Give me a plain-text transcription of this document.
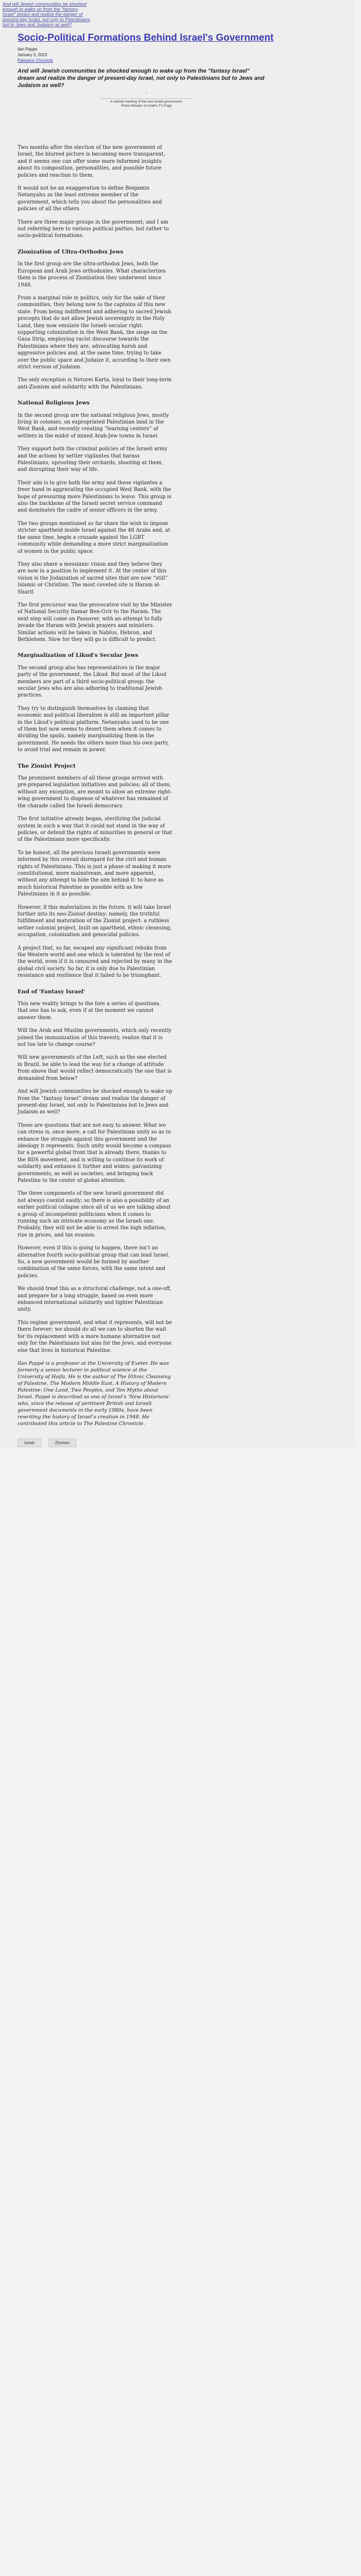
And will Jewish communities be shocked enough to wake up from the "fantasy Israel" dream and realize the danger of present-day Israel, not only to Palestinians but to Jews and Judaism as well?
Socio-Political Formations Behind Israel's Government
Ilan Pappe
January 3, 2023
Palestine Chronicle
And will Jewish communities be shocked enough to wake up from the "fantasy Israel" dream and realize the danger of present-day Israel, not only to Palestinians but to Jews and Judaism as well?
“
A cabinet meeting of the new Israeli government.
Prime Minister of Israel's TV Page

Two months after the election of the new government of Israel, the blurred picture is becoming more transparent, and it seems one can offer some more informed insights about its composition, personalities, and possible future policies and reaction to them.

It would not be an exaggeration to define Benjamin Netanyahu as the least extreme member of the government, which tells you about the personalities and policies of all the others.

There are three major groups in the government; and I am not referring here to various political parties, but rather to socio-political formations.

Zionization of Ultra-Orthodox Jews

In the first group are the ultra-orthodox Jews, both the European and Arab Jews orthodoxies. What characterizes them is the process of Zionization they underwent since 1948.

From a marginal role in politics, only for the sake of their communities, they belong now to the captains of this new state. From being indifferent and adhering to sacred Jewish precepts that do not allow Jewish sovereignty in the Holy Land, they now emulate the Israeli secular right: supporting colonization in the West Bank, the siege on the Gaza Strip, employing racist discourse towards the Palestinians where they are, advocating harsh and aggressive policies and, at the same time, trying to take over the public space and Judaize it, according to their own strict version of Judaism.

The only exception is Neturei Karta, loyal to their long-term anti-Zionism and solidarity with the Palestinians.

National Religious Jews

In the second group are the national religious Jews, mostly living in colonies, on expropriated Palestinian land in the West Bank, and recently creating “learning centers” of settlers in the midst of mixed Arab-Jew towns in Israel.

They support both the criminal policies of the Israeli army and the actions by settler vigilantes that harass Palestinians, uprooting their orchards, shooting at them, and disrupting their way of life.

Their aim is to give both the army and these vigilantes a freer hand in aggravating the occupied West Bank, with the hope of pressuring more Palestinians to leave. This group is also the backbone of the Israeli secret service command and dominates the cadre of senior officers in the army.

The two groups mentioned so far share the wish to impose stricter apartheid inside Israel against the 48 Arabs and, at the same time, begin a crusade against the LGBT community while demanding a more strict marginalization of women in the public space.

They also share a messianic vision and they believe they are now in a position to implement it. At the center of this vision is the Judaization of sacred sites that are now “still” Islamic or Christian. The most coveted site is Haram al-Sharif.

The first precursor was the provocative visit by the Minister of National Security Itamar Ben-Gvir to the Haram. The next step will come on Passover, with an attempt to fully invade the Haram with Jewish prayers and ministers. Similar actions will be taken in Nablus, Hebron, and Bethlehem. Slow for they will go is difficult to predict.

Marginalization of Likud's Secular Jews

The second group also has representatives in the major party of the government, the Likud. But most of the Likud members are part of a third socio-political group: the secular Jews who are also adhering to traditional Jewish practices.

They try to distinguish themselves by claiming that economic and political liberalism is still an important pillar in the Likud’s political platform. Netanyahu used to be one of them but now seems to desert them when it comes to dividing the spoils, namely marginalizing them in the government. He needs the others more than his own party, to avoid trial and remain in power.

The Zionist Project

The prominent members of all these groups arrived with pre-prepared legislation initiatives and policies; all of them, without any exception, are meant to allow an extreme right-wing government to dispense of whatever has remained of the charade called the Israeli democracy.

The first initiative already began, sterilizing the judicial system in such a way that it could not stand in the way of policies, or defend the rights of minorities in general or that of the Palestinians more specifically.

To be honest, all the previous Israeli governments were informed by this overall disregard for the civil and human rights of Palestinians. This is just a phase of making it more constitutional, more mainstream, and more apparent, without any attempt to hide the aim behind it: to have as much historical Palestine as possible with as few Palestinians in it as possible.

However, if this materializes in the future, it will take Israel further into its neo-Zionist destiny: namely, the truthful fulfillment and maturation of the Zionist project: a ruthless settler colonial project, built on apartheid, ethnic cleansing, occupation, colonization and genocidal policies.

A project that, so far, escaped any significant rebuke from the Western world and one which is tolerated by the rest of the world, even if it is censured and rejected by many in the global civil society. So far, it is only due to Palestinian resistance and resilience that it failed to be triumphant.

End of 'Fantasy Israel'

This new reality brings to the fore a series of questions, that one has to ask, even if at the moment we cannot answer them.

Will the Arab and Muslim governments, which only recently joined the immunization of this travesty, realize that it is not too late to change course?

Will new governments of the Left, such as the one elected in Brazil, be able to lead the way for a change of attitude from above that would reflect democratically the one that is demanded from below?

And will Jewish communities be shocked enough to wake up from the “fantasy Israel” dream and realize the danger of present-day Israel, not only to Palestinians but to Jews and Judaism as well?

These are questions that are not easy to answer. What we can stress is, once more, a call for Palestinian unity so as to enhance the struggle against this government and the ideology it represents. Such unity would become a compass for a powerful global front that is already there, thanks to the BDS movement, and is willing to continue its work of solidarity and enhance it further and widen: galvanizing governments, as well as societies, and bringing back Palestine to the center of global attention.

The three components of the new Israeli government did not always coexist easily; so there is also a possibility of an earlier political collapse since all of us we are talking about a group of incompetent politicians when it comes to running such an intricate economy as the Israeli one. Probably, they will not be able to arrest the high inflation, rise in prices, and tax evasion.

However, even if this is going to happen, there isn’t an alternative fourth socio-political group that can lead Israel. So, a new government would be formed by another combination of the same forces, with the same intent and policies.

We should treat this as a structural challenge, not a one-off, and prepare for a long struggle, based on even more enhanced international solidarity and tighter Palestinian unity.

This regime government, and what it represents, will not be there forever; we should do all we can to shorten the wait for its replacement with a more humane alternative not only for the Palestinians but also for the Jews, and everyone else that lives in historical Palestine.

Ilan Pappé is a professor at the University of Exeter. He was formerly a senior lecturer in political science at the University of Haifa. He is the author of The Ethnic Cleansing of Palestine, The Modern Middle East, A History of Modern Palestine: One Land, Two Peoples, and Ten Myths about Israel. Pappé is described as one of Israel’s ‘New Historians’ who, since the release of pertinent British and Israeli government documents in the early 1980s, have been rewriting the history of Israel’s creation in 1948. He contributed this article to The Palestine Chronicle.
Israel	Zionism
